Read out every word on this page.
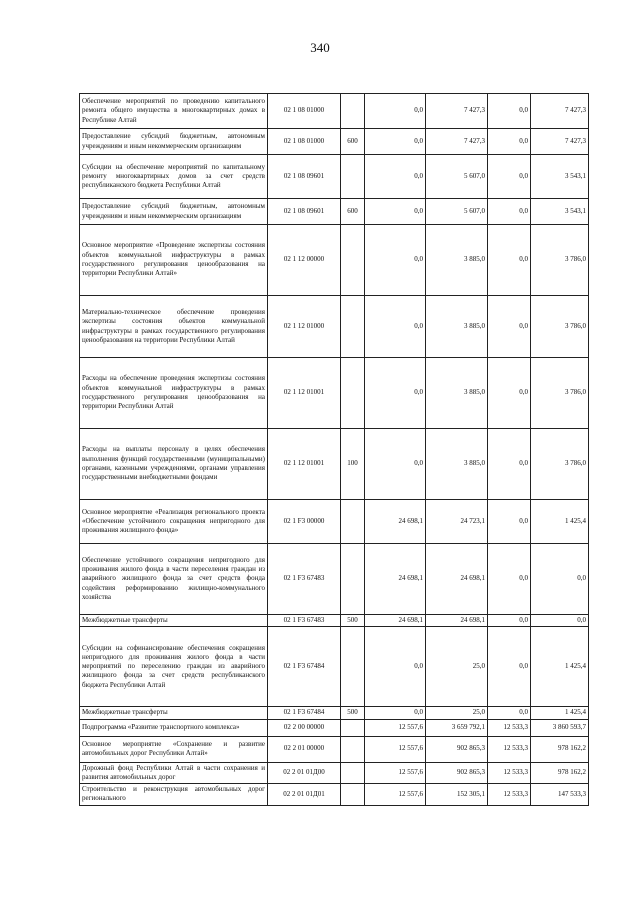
340
Обеспечение мероприятий по проведению капитального ремонта общего имущества в многоквартирных домах в Республике Алтай	02 1 08 01000		0,0	7 427,3	0,0	7 427,3
Предоставление субсидий бюджетным, автономным учреждениям и иным некоммерческим организациям	02 1 08 01000	600	0,0	7 427,3	0,0	7 427,3
Субсидии на обеспечение мероприятий по капитальному ремонту многоквартирных домов за счет средств республиканского бюджета Республики Алтай	02 1 08 09601		0,0	5 607,0	0,0	3 543,1
Предоставление субсидий бюджетным, автономным учреждениям и иным некоммерческим организациям	02 1 08 09601	600	0,0	5 607,0	0,0	3 543,1
Основное мероприятие «Проведение экспертизы состояния объектов коммунальной инфраструктуры в рамках государственного регулирования ценообразования на территории Республики Алтай»	02 1 12 00000		0,0	3 885,0	0,0	3 786,0
Материально-техническое обеспечение проведения экспертизы состояния объектов коммунальной инфраструктуры в рамках государственного регулирования ценообразования на территории Республики Алтай	02 1 12 01000		0,0	3 885,0	0,0	3 786,0
Расходы на обеспечение проведения экспертизы состояния объектов коммунальной инфраструктуры в рамках государственного регулирования ценообразования на территории Республики Алтай	02 1 12 01001		0,0	3 885,0	0,0	3 786,0
Расходы на выплаты персоналу в целях обеспечения выполнения функций государственными (муниципальными) органами, казенными учреждениями, органами управления государственными внебюджетными фондами	02 1 12 01001	100	0,0	3 885,0	0,0	3 786,0
Основное мероприятие «Реализация регионального проекта «Обеспечение устойчивого сокращения непригодного для проживания жилищного фонда»	02 1 F3 00000		24 698,1	24 723,1	0,0	1 425,4
Обеспечение устойчивого сокращения непригодного для проживания жилого фонда в части переселения граждан из аварийного жилищного фонда за счет средств фонда содействия реформированию жилищно-коммунального хозяйства	02 1 F3 67483		24 698,1	24 698,1	0,0	0,0
Межбюджетные трансферты	02 1 F3 67483	500	24 698,1	24 698,1	0,0	0,0
Субсидии на софинансирование обеспечения сокращения непригодного для проживания жилого фонда в части мероприятий по переселению граждан из аварийного жилищного фонда за счет средств республиканского бюджета Республики Алтай	02 1 F3 67484		0,0	25,0	0,0	1 425,4
Межбюджетные трансферты	02 1 F3 67484	500	0,0	25,0	0,0	1 425,4
Подпрограмма «Развитие транспортного комплекса»	02 2 00 00000		12 557,6	3 659 792,1	12 533,3	3 860 593,7
Основное мероприятие «Сохранение и развитие автомобильных дорог Республики Алтай»	02 2 01 00000		12 557,6	902 865,3	12 533,3	978 162,2
Дорожный фонд Республики Алтай в части сохранения и развития автомобильных дорог	02 2 01 01Д00		12 557,6	902 865,3	12 533,3	978 162,2
Строительство и реконструкция автомобильных дорог регионального	02 2 01 01Д01		12 557,6	152 305,1	12 533,3	147 533,3
